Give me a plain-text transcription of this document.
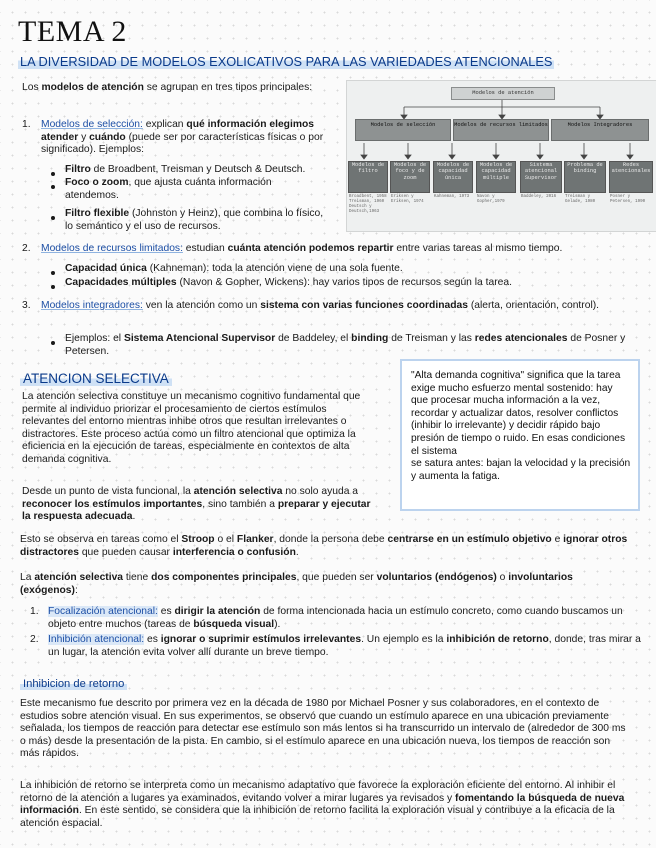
TEMA 2
LA DIVERSIDAD DE MODELOS EXOLICATIVOS PARA LAS VARIEDADES ATENCIONALES
Los modelos de atención se agrupan en tres tipos principales:	Modelos de atención
Modelos de selección	Modelos de recursos limitados	Modelos Integradores
Modelos de filtro
Modelos de foco y de zoom
Modelos de capacidad única
Modelos de capacidad múltiple
Sistema atencional Supervisor
Problema de binding
Redes atencionales
Broadbent, 1958 Treisman, 1960 Deutsch y Deutsch,1963
Eriksen y Eriksen, 1974
Kahneman, 1973	Navon y Gopher,1979
Baddeley, 2016	Treisman y Gelade, 1980
Posner y Petersen, 1990
1. Modelos de selección: explican qué información elegimos atender y cuándo (puede ser por características físicas o por significado). Ejemplos:
Filtro de Broadbent, Treisman y Deutsch & Deutsch.
Foco o zoom, que ajusta cuánta información atendemos.
Filtro flexible (Johnston y Heinz), que combina lo físico, lo semántico y el uso de recursos.
2. Modelos de recursos limitados: estudian cuánta atención podemos repartir entre varias tareas al mismo tiempo.
Capacidad única (Kahneman): toda la atención viene de una sola fuente.
Capacidades múltiples (Navon & Gopher, Wickens): hay varios tipos de recursos según la tarea.
3. Modelos integradores: ven la atención como un sistema con varias funciones coordinadas (alerta, orientación, control).
Ejemplos: el Sistema Atencional Supervisor de Baddeley, el binding de Treisman y las redes atencionales de Posner y Petersen.
ATENCION SELECTIVA	"Alta demanda cognitiva" significa que la tarea exige mucho esfuerzo mental sostenido: hay que procesar mucha información a la vez, recordar y actualizar datos, resolver conflictos (inhibir lo irrelevante) y decidir rápido bajo presión de tiempo o ruido. En esas condiciones el sistema
se satura antes: bajan la velocidad y la precisión y aumenta la fatiga.
La atención selectiva constituye un mecanismo cognitivo fundamental que permite al individuo priorizar el procesamiento de ciertos estímulos relevantes del entorno mientras inhibe otros que resultan irrelevantes o distractores. Este proceso actúa como un filtro atencional que optimiza la eficiencia en la ejecución de tareas, especialmente en contextos de alta demanda cognitiva.
Desde un punto de vista funcional, la atención selectiva no solo ayuda a reconocer los estímulos importantes, sino también a preparar y ejecutar la respuesta adecuada.
Esto se observa en tareas como el Stroop o el Flanker, donde la persona debe centrarse en un estímulo objetivo e ignorar otros distractores que pueden causar interferencia o confusión.
La atención selectiva tiene dos componentes principales, que pueden ser voluntarios (endógenos) o involuntarios (exógenos):
1. Focalización atencional: es dirigir la atención de forma intencionada hacia un estímulo concreto, como cuando buscamos un objeto entre muchos (tareas de búsqueda visual).
2. Inhibición atencional: es ignorar o suprimir estímulos irrelevantes. Un ejemplo es la inhibición de retorno, donde, tras mirar a un lugar, la atención evita volver allí durante un breve tiempo.
Inhibicion de retorno
Este mecanismo fue descrito por primera vez en la década de 1980 por Michael Posner y sus colaboradores, en el contexto de estudios sobre atención visual. En sus experimentos, se observó que cuando un estímulo aparece en una ubicación previamente señalada, los tiempos de reacción para detectar ese estímulo son más lentos si ha transcurrido un intervalo de (alrededor de 300 ms o más) desde la presentación de la pista. En cambio, si el estímulo aparece en una ubicación nueva, los tiempos de reacción son más rápidos.
La inhibición de retorno se interpreta como un mecanismo adaptativo que favorece la exploración eficiente del entorno. Al inhibir el retorno de la atención a lugares ya examinados, evitando volver a mirar lugares ya revisados y fomentando la búsqueda de nueva información. En este sentido, se considera que la inhibición de retorno facilita la exploración visual y contribuye a la eficacia de la atención espacial.
